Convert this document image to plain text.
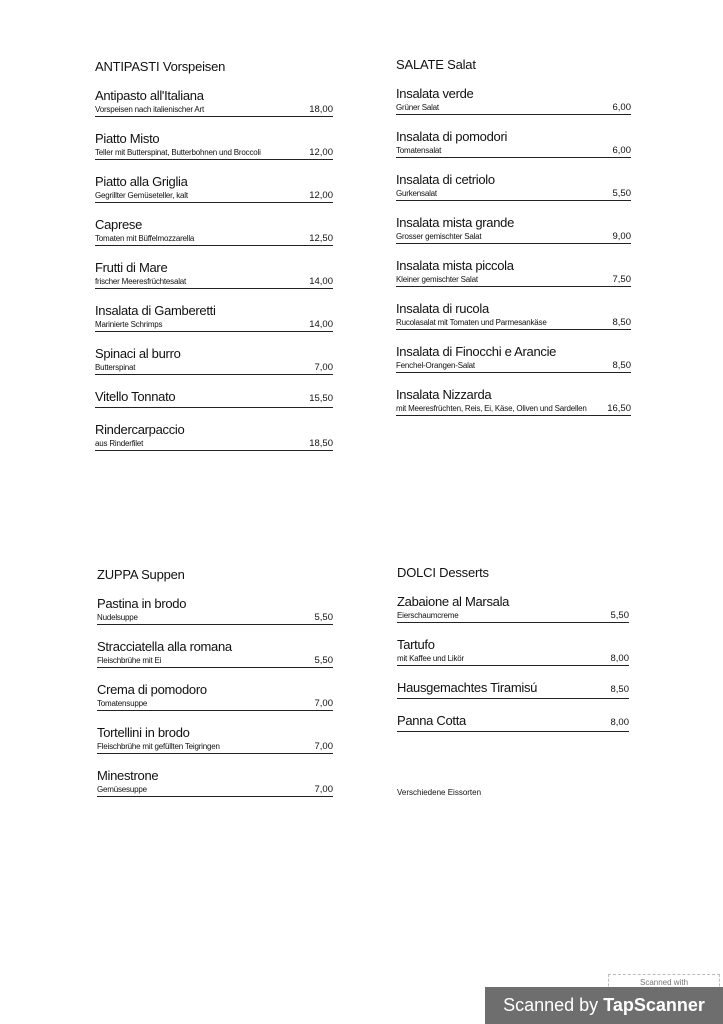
ANTIPASTI Vorspeisen
Antipasto all'Italiana
Vorspeisen nach italienischer Art	18,00
Piatto Misto
Teller mit Butterspinat, Butterbohnen und Broccoli	12,00
Piatto alla Griglia
Gegrillter Gemüseteller, kalt	12,00
Caprese
Tomaten mit Büffelmozzarella	12,50
Frutti di Mare
frischer Meeresfrüchtesalat	14,00
Insalata di Gamberetti
Marinierte Schrimps	14,00
Spinaci al burro
Butterspinat	7,00
Vitello Tonnato	15,50
Rindercarpaccio
aus Rinderfilet	18,50
SALATE Salat
Insalata verde
Grüner Salat	6,00
Insalata di pomodori
Tomatensalat	6,00
Insalata di cetriolo
Gurkensalat	5,50
Insalata mista grande
Grosser gemischter Salat	9,00
Insalata mista piccola
Kleiner gemischter Salat	7,50
Insalata di rucola
Rucolasalat mit Tomaten und Parmesankäse	8,50
Insalata di Finocchi e Arancie
Fenchel-Orangen-Salat	8,50
Insalata Nizzarda
mit Meeresfrüchten, Reis, Ei, Käse, Oliven und Sardellen 16,50
ZUPPA Suppen
Pastina in brodo
Nudelsuppe	5,50
Stracciatella alla romana
Fleischbrühe mit Ei	5,50
Crema di pomodoro
Tomatensuppe	7,00
Tortellini in brodo
Fleischbrühe mit gefüllten Teigringen	7,00
Minestrone
Gemüsesuppe	7,00
DOLCI Desserts
Zabaione al Marsala
Eierschaumcreme	5,50
Tartufo
mit Kaffee und Likör	8,00
Hausgemachtes Tiramisú	8,50
Panna Cotta	8,00
Verschiedene Eissorten
Scanned with
Scanned by TapScanner
